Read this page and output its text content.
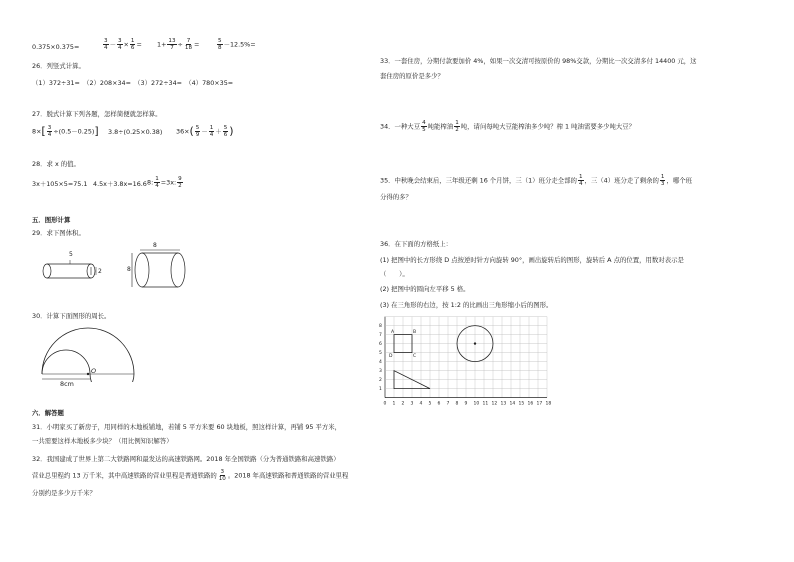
0.375×0.375=	$\frac{3}{4} - \frac{3}{4} \times \frac{1}{6} = 1+ \frac{13}{7} \div \frac{7}{18}$ =	$\frac{5}{8} -12.5\%=$
26．列竖式计算。
（1）372÷31=　（2）208×34=　（3）272÷34=　（4）780×35=
27．脱式计算下列各题，怎样简便就怎样算。
$8\times[ \frac{3}{4} \div(0.5-0.25)]$ 3.8÷(0.25×0.38) $36\times( \frac{5}{9} - \frac{1}{4} + \frac{5}{6}$ )
28．求 x 的值。
3x＋105×5=75.1 4.5x＋3.8x=16.6 8: $\frac{1}{4} =3x$: $\frac{9}{2}$
五．图形计算
29．求下图体积。
5
2
8
8
30．计算下面图形的周长。
O
8cm
六．解答题
31．小明家买了新房子，用同样的木地板铺地，若铺 5 平方米要 60 块地板，照这样计算，再铺 95 平方米，
一共需要这样木地板多少块？（用比例知识解答）
32．我国建成了世界上第二大铁路网和最发达的高速铁路网。2018 年全国铁路（分为普通铁路和高速铁路）
营业总里程约 13 万千米，其中高速铁路的营业里程是普通铁路的 $\frac{3}{10}$ 。2018 年高速铁路和普通铁路的营业里程
分别约是多少万千米？
33．一套住房，分期付款要加价 4%，如果一次交清可按原价的 98%交款，分期比一次交清多付 14400 元，这
套住房的原价是多少？
34．一种大豆 $\frac{4}{5}$ 吨能榨油 $\frac{1}{2}$ 吨，请问每吨大豆能榨油多少吨？榨 1 吨油需要多少吨大豆？
35．中秋晚会结束后，三年级还剩 16 个月饼，三（1）班分走全部的 $\frac{1}{4}$ ，三（4）班分走了剩余的 $\frac{1}{3}$ ，哪个班
分得的多？
36．在下面的方格纸上：
(1) 把图中的长方形绕 D 点按逆时针方向旋转 90°，画出旋转后的图形，旋转后 A 点的位置，用数对表示是
（　　）。
(2) 把图中的圆向左平移 5 格。
(3) 在三角形的右边，按 1:2 的比画出三角形缩小后的图形。
0 1 2 3 4 5 6 7 8 9 10 11 12 13 14 15 16 17 18
1
2
3
4
5
6
7
8
A	B
C
D
